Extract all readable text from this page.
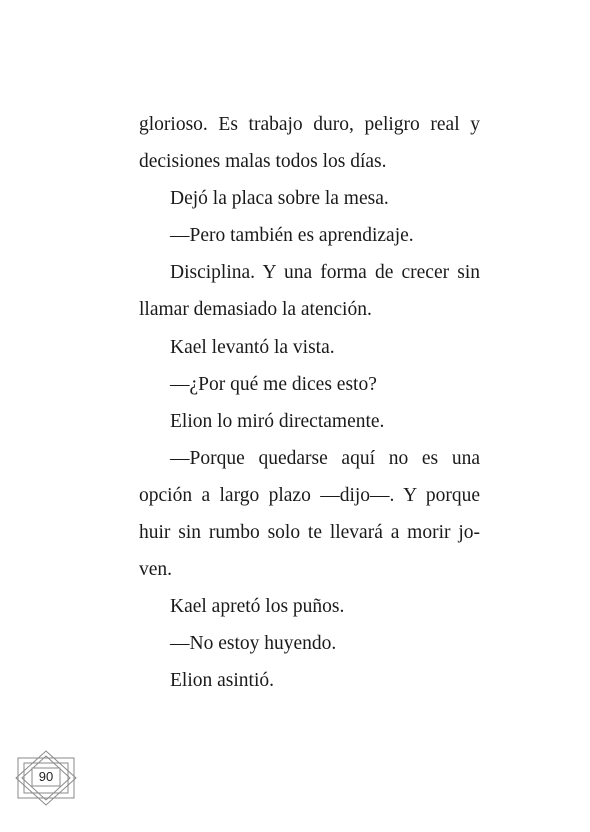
glorioso. Es trabajo duro, peligro real y decisiones malas todos los días.

Dejó la placa sobre la mesa.

—Pero también es aprendizaje.

Disciplina. Y una forma de crecer sin llamar demasiado la atención.

Kael levantó la vista.

—¿Por qué me dices esto?

Elion lo miró directamente.

—Porque quedarse aquí no es una opción a largo plazo —dijo—. Y porque huir sin rumbo solo te llevará a morir jo-ven.

Kael apretó los puños.

—No estoy huyendo.

Elion asintió.

90
